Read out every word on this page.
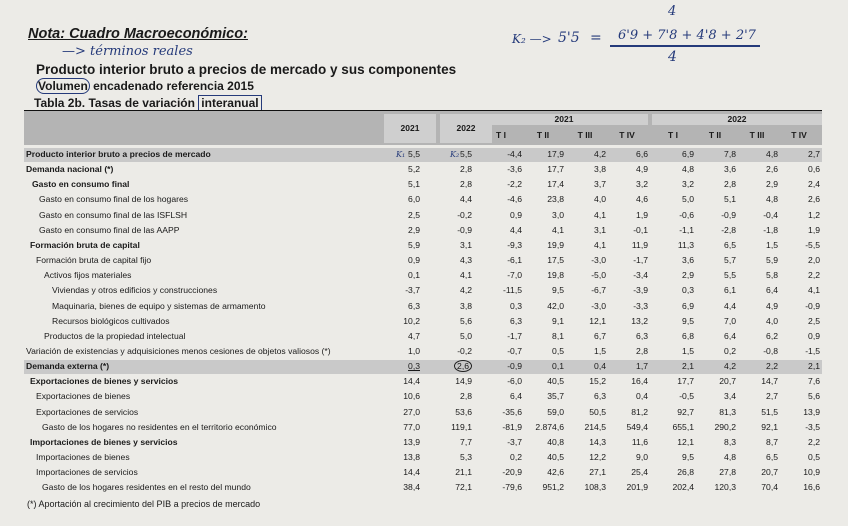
Nota: Cuadro Macroeconómico:
—> términos reales
K₂ —> 5'5 = 6'9 + 7'8 + 4'8 + 2'7
4
4
Producto interior bruto a precios de mercado y sus componentes
Volumen encadenado referencia 2015
Tabla 2b. Tasas de variación interanual
2021	2022
2021	2022
T I	T II	T III	T IV	T I	T II	T III	T IV
Producto interior bruto a precios de mercado	5,5	5,5	-4,4	17,9	4,2	6,6	6,9	7,8	4,8	2,7
K₁	K₂
Demanda nacional (*)	5,2	2,8	-3,6	17,7	3,8	4,9	4,8	3,6	2,6	0,6
Gasto en consumo final	5,1	2,8	-2,2	17,4	3,7	3,2	3,2	2,8	2,9	2,4
Gasto en consumo final de los hogares	6,0	4,4	-4,6	23,8	4,0	4,6	5,0	5,1	4,8	2,6
Gasto en consumo final de las ISFLSH	2,5	-0,2	0,9	3,0	4,1	1,9	-0,6	-0,9	-0,4	1,2
Gasto en consumo final de las AAPP	2,9	-0,9	4,4	4,1	3,1	-0,1	-1,1	-2,8	-1,8	1,9
Formación bruta de capital	5,9	3,1	-9,3	19,9	4,1	11,9	11,3	6,5	1,5	-5,5
Formación bruta de capital fijo	0,9	4,3	-6,1	17,5	-3,0	-1,7	3,6	5,7	5,9	2,0
Activos fijos materiales	0,1	4,1	-7,0	19,8	-5,0	-3,4	2,9	5,5	5,8	2,2
Viviendas y otros edificios y construcciones	-3,7	4,2	-11,5	9,5	-6,7	-3,9	0,3	6,1	6,4	4,1
Maquinaria, bienes de equipo y sistemas de armamento	6,3	3,8	0,3	42,0	-3,0	-3,3	6,9	4,4	4,9	-0,9
Recursos biológicos cultivados	10,2	5,6	6,3	9,1	12,1	13,2	9,5	7,0	4,0	2,5
Productos de la propiedad intelectual	4,7	5,0	-1,7	8,1	6,7	6,3	6,8	6,4	6,2	0,9
Variación de existencias y adquisiciones menos cesiones de objetos valiosos (*)	1,0	-0,2	-0,7	0,5	1,5	2,8	1,5	0,2	-0,8	-1,5
Demanda externa (*)	0,3	2,6	-0,9	0,1	0,4	1,7	2,1	4,2	2,2	2,1
Exportaciones de bienes y servicios	14,4	14,9	-6,0	40,5	15,2	16,4	17,7	20,7	14,7	7,6
Exportaciones de bienes	10,6	2,8	6,4	35,7	6,3	0,4	-0,5	3,4	2,7	5,6
Exportaciones de servicios	27,0	53,6	-35,6	59,0	50,5	81,2	92,7	81,3	51,5	13,9
Gasto de los hogares no residentes en el territorio económico	77,0	119,1	-81,9	2.874,6	214,5	549,4	655,1	290,2	92,1	-3,5
Importaciones de bienes y servicios	13,9	7,7	-3,7	40,8	14,3	11,6	12,1	8,3	8,7	2,2
Importaciones de bienes	13,8	5,3	0,2	40,5	12,2	9,0	9,5	4,8	6,5	0,5
Importaciones de servicios	14,4	21,1	-20,9	42,6	27,1	25,4	26,8	27,8	20,7	10,9
Gasto de los hogares residentes en el resto del mundo	38,4	72,1	-79,6	951,2	108,3	201,9	202,4	120,3	70,4	16,6
(*) Aportación al crecimiento del PIB a precios de mercado
